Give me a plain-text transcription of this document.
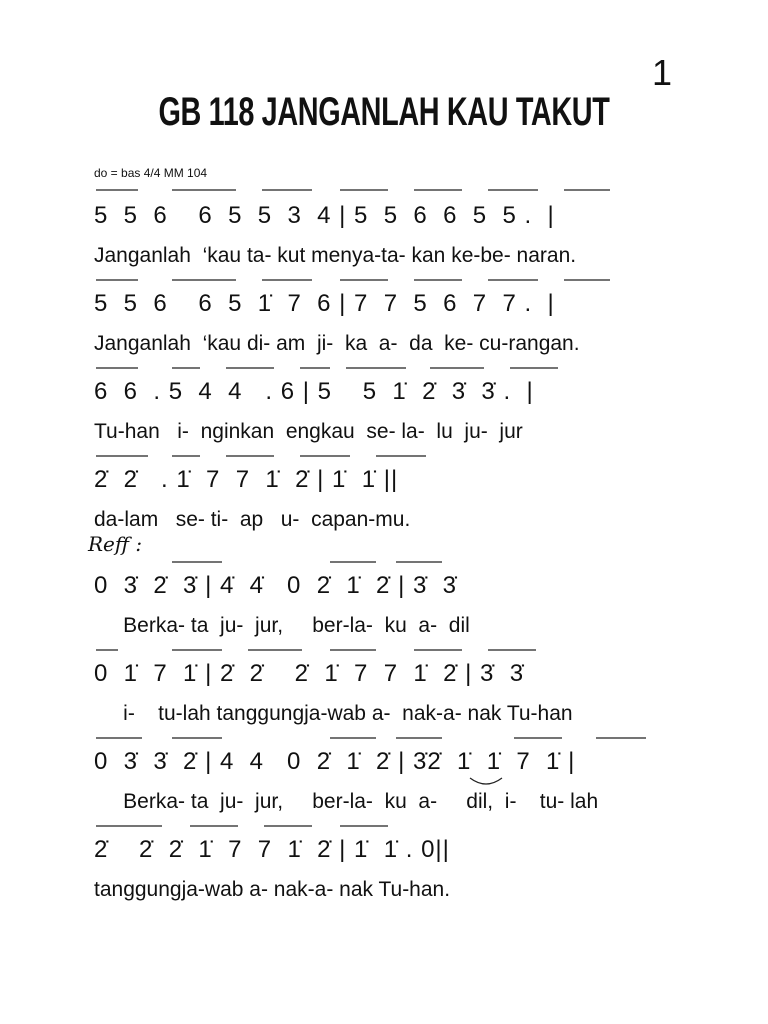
1
GB 118 JANGANLAH KAU TAKUT
do = bas 4/4 MM 104
5  5  6    6  5  5  3  4 | 5  5  6  6  5  5 .  |
Janganlah  ‘kau ta- kut menya-ta- kan ke-be- naran.
5  5  6    6  5  1̇  7  6 | 7  7  5  6  7  7 .  |
Janganlah  ‘kau di- am  ji-  ka  a-  da  ke- cu-rangan.
6  6  . 5  4  4   . 6 | 5    5  1̇  2̇  3̇  3̇ .  |
Tu-han   i-  nginkan  engkau  se- la-  lu  ju-  jur
2̇  2̇   . 1̇  7  7  1̇  2̇ | 1̇  1̇ ||
da-lam   se- ti-  ap   u-  capan-mu.
Reff :
0  3̇  2̇  3̇ | 4̇  4̇   0  2̇  1̇  2̇ | 3̇  3̇
Berka- ta  ju-  jur,     ber-la-  ku  a-  dil
0  1̇  7  1̇ | 2̇  2̇    2̇  1̇  7  7  1̇  2̇ | 3̇  3̇
i-    tu-lah tanggungja-wab a-  nak-a- nak Tu-han
0  3̇  3̇  2̇ | 4  4   0  2̇  1̇  2̇ | 3̇2̇  1̇  1̇  7  1̇ |
Berka- ta  ju-  jur,     ber-la-  ku  a-     dil,  i-    tu- lah
2̇    2̇  2̇  1̇  7  7  1̇  2̇ | 1̇  1̇ . 0||
tanggungja-wab a- nak-a- nak Tu-han.
